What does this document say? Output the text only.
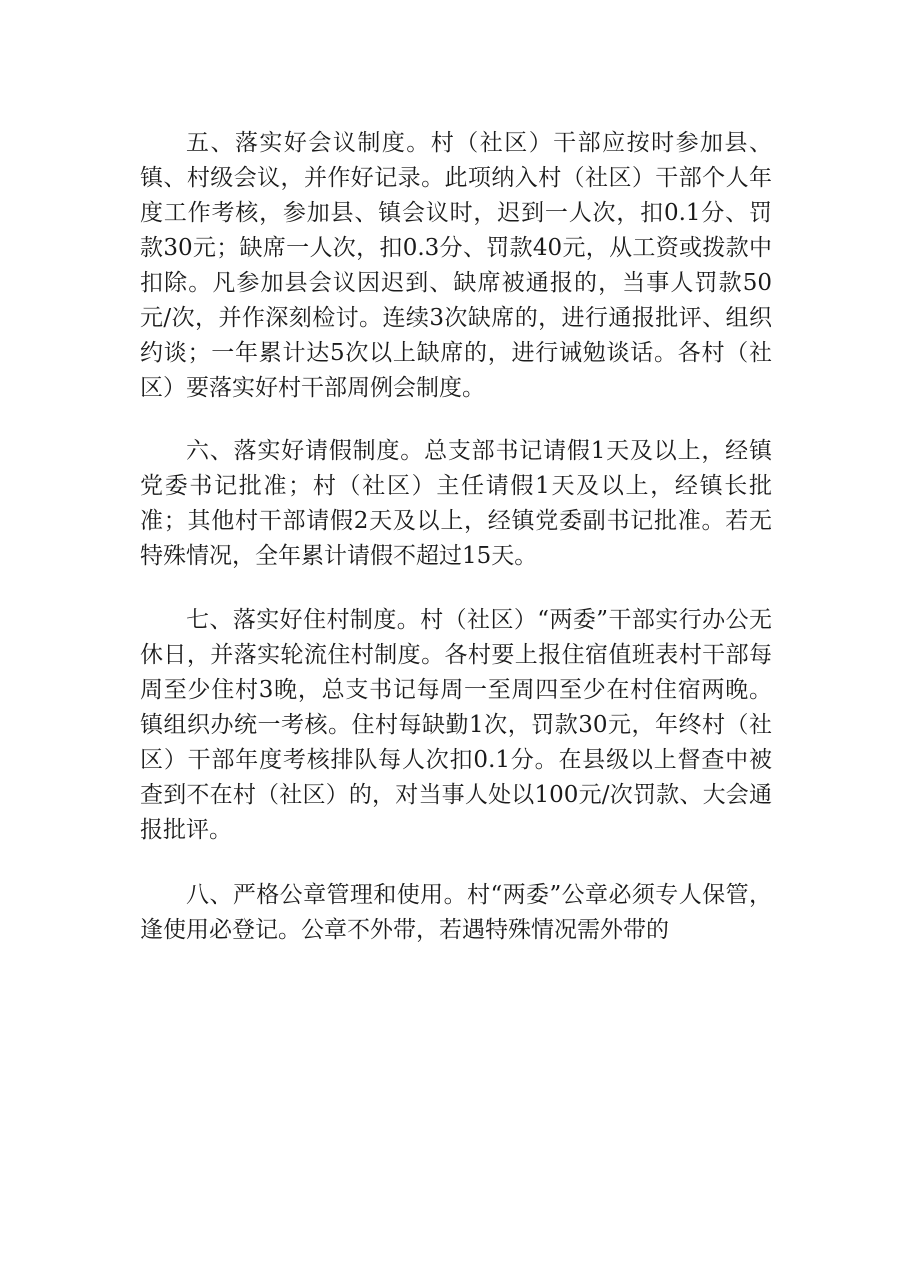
五、落实好会议制度。村（社区）干部应按时参加县、镇、村级会议，并作好记录。此项纳入村（社区）干部个人年度工作考核，参加县、镇会议时，迟到一人次，扣0.1分、罚款30元；缺席一人次，扣0.3分、罚款40元，从工资或拨款中扣除。凡参加县会议因迟到、缺席被通报的，当事人罚款50元/次，并作深刻检讨。连续3次缺席的，进行通报批评、组织约谈；一年累计达5次以上缺席的，进行诫勉谈话。各村（社区）要落实好村干部周例会制度。

六、落实好请假制度。总支部书记请假1天及以上，经镇党委书记批准；村（社区）主任请假1天及以上，经镇长批准；其他村干部请假2天及以上，经镇党委副书记批准。若无特殊情况，全年累计请假不超过15天。

七、落实好住村制度。村（社区）“两委”干部实行办公无休日，并落实轮流住村制度。各村要上报住宿值班表村干部每周至少住村3晚，总支书记每周一至周四至少在村住宿两晚。镇组织办统一考核。住村每缺勤1次，罚款30元，年终村（社区）干部年度考核排队每人次扣0.1分。在县级以上督查中被查到不在村（社区）的，对当事人处以100元/次罚款、大会通报批评。

八、严格公章管理和使用。村“两委”公章必须专人保管，逢使用必登记。公章不外带，若遇特殊情况需外带的
